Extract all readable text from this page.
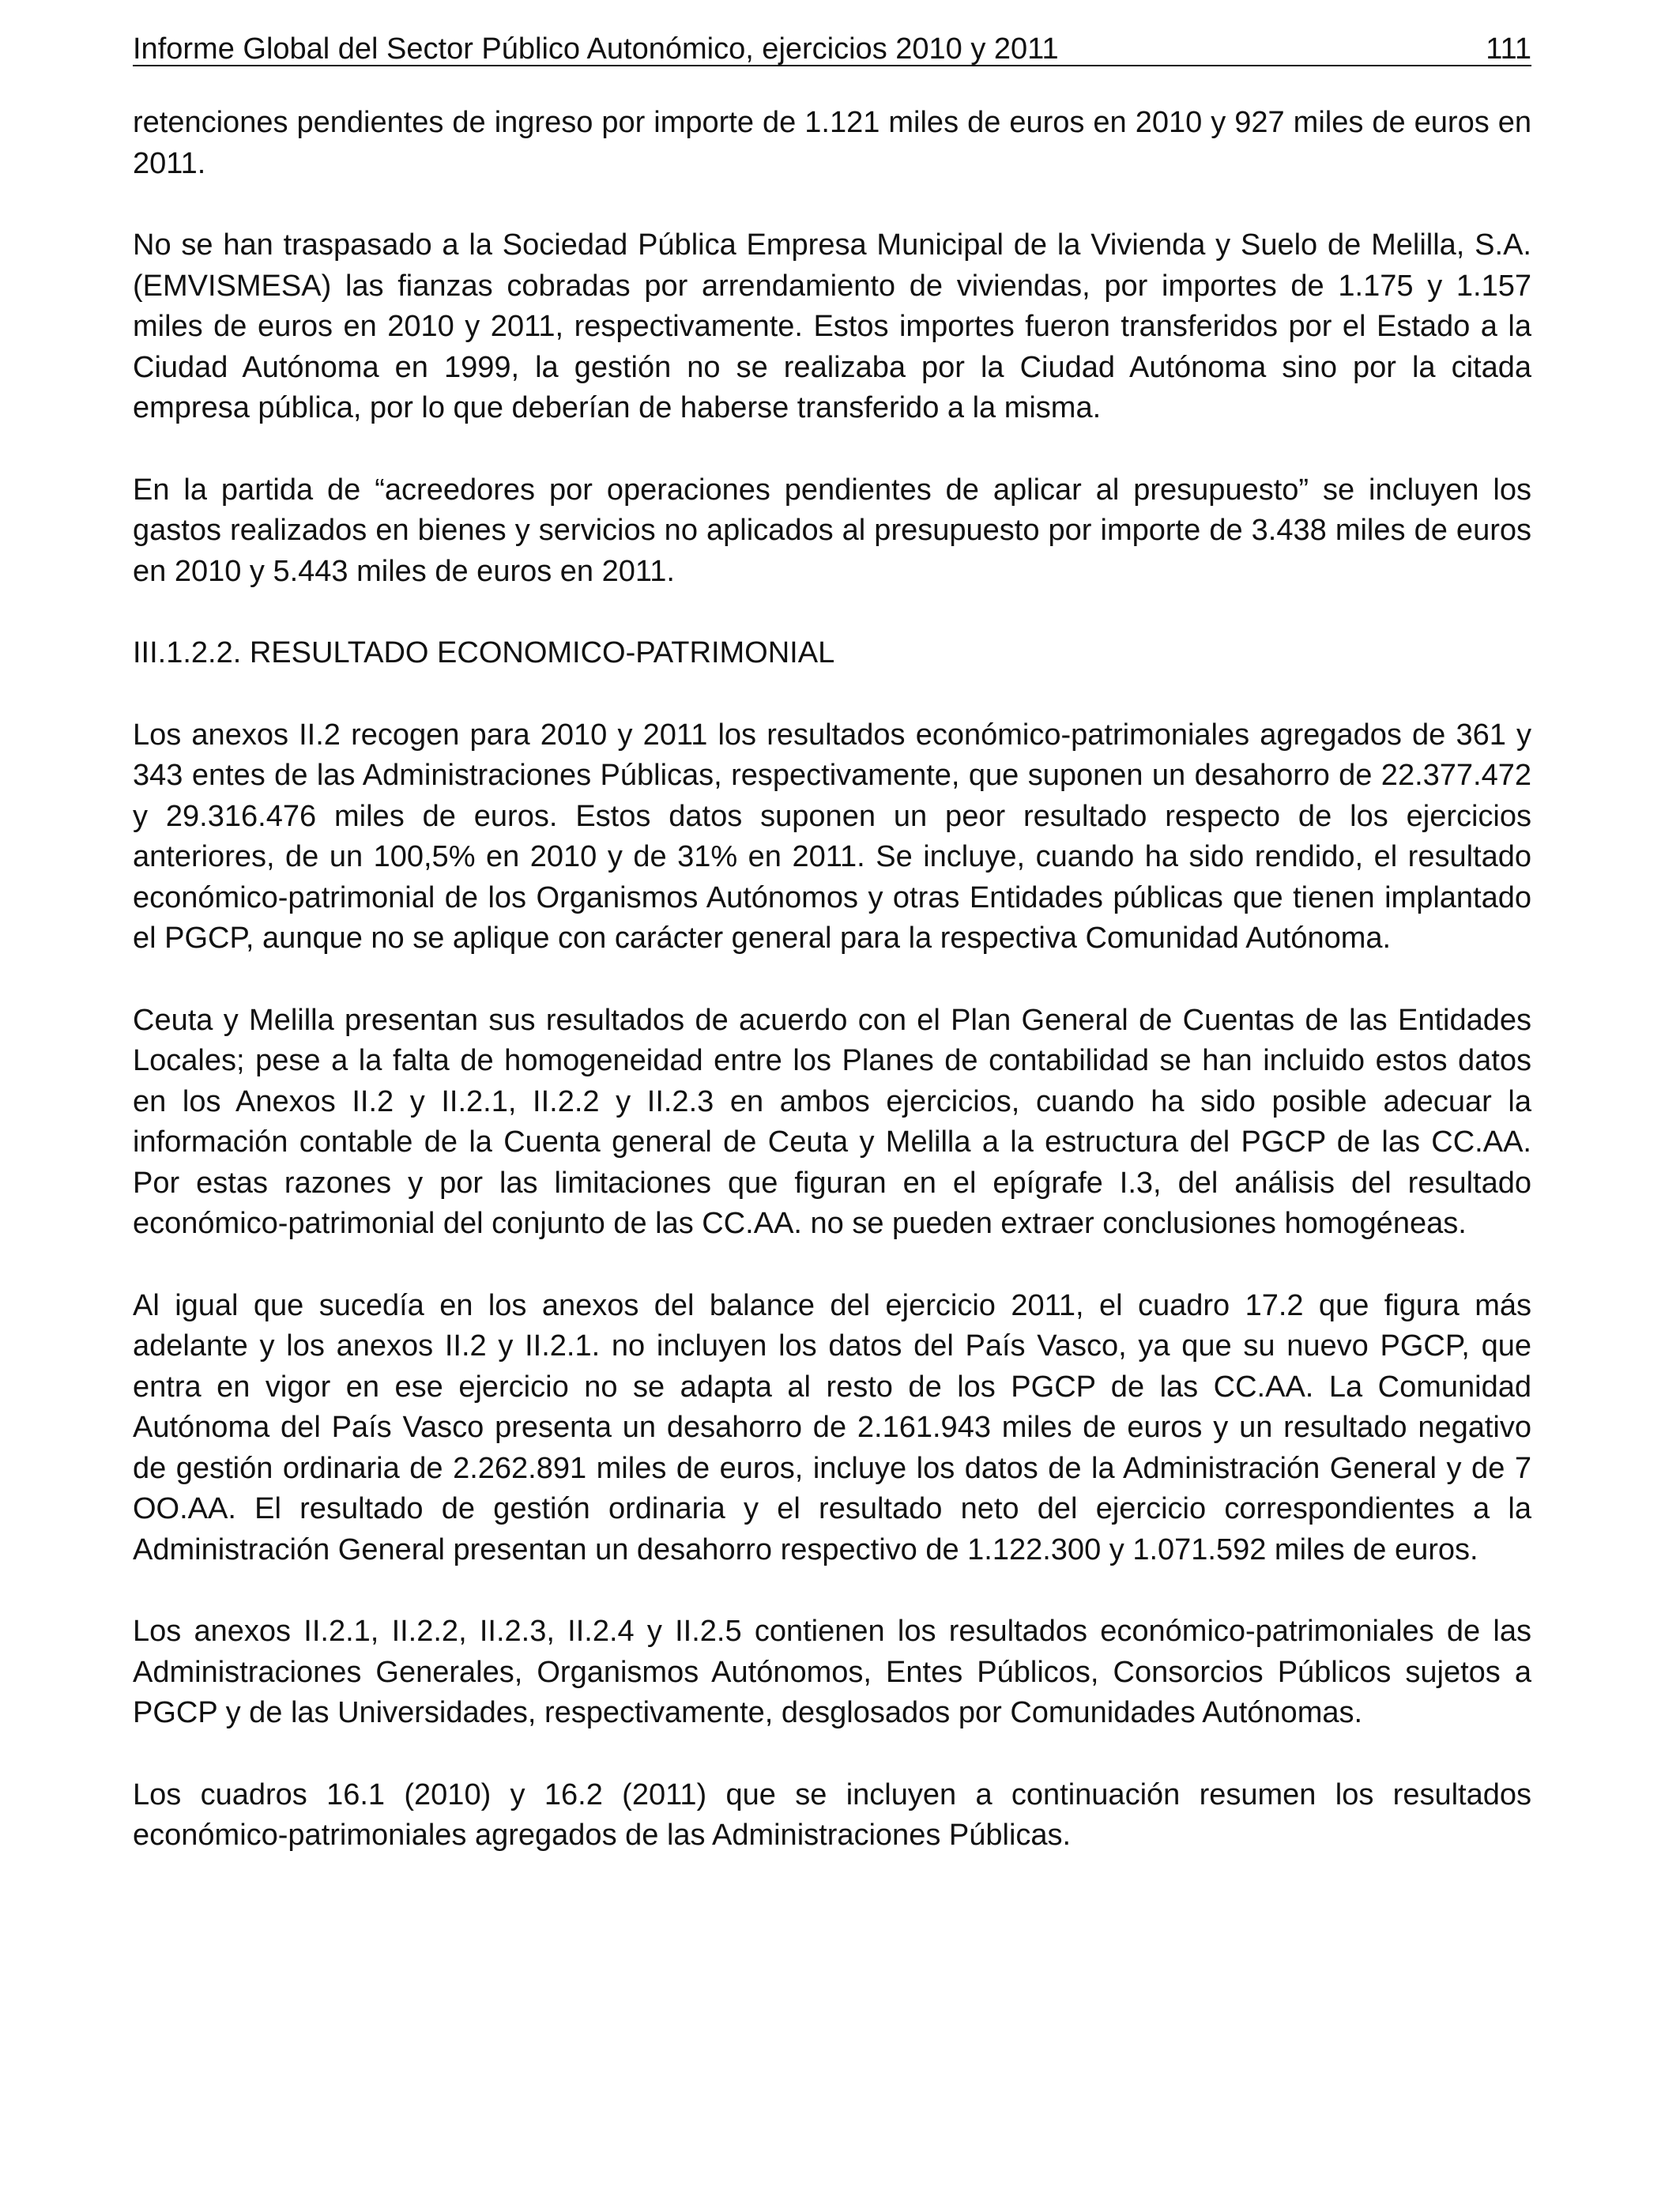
Informe Global del Sector Público Autonómico, ejercicios 2010 y 2011	111

retenciones pendientes de ingreso por importe de 1.121 miles de euros en 2010 y 927 miles de euros en 2011.

No se han traspasado a la Sociedad Pública Empresa Municipal de la Vivienda y Suelo de Melilla, S.A. (EMVISMESA) las fianzas cobradas por arrendamiento de viviendas, por importes de 1.175 y 1.157 miles de euros en 2010 y 2011, respectivamente. Estos importes fueron transferidos por el Estado a la Ciudad Autónoma en 1999, la gestión no se realizaba por la Ciudad Autónoma sino por la citada empresa pública, por lo que deberían de haberse transferido a la misma.

En la partida de “acreedores por operaciones pendientes de aplicar al presupuesto” se incluyen los gastos realizados en bienes y servicios no aplicados al presupuesto por importe de 3.438 miles de euros en 2010 y 5.443 miles de euros en 2011.

III.1.2.2. RESULTADO ECONOMICO-PATRIMONIAL

Los anexos II.2 recogen para 2010 y 2011 los resultados económico-patrimoniales agregados de 361 y 343 entes de las Administraciones Públicas, respectivamente, que suponen un desahorro de 22.377.472 y 29.316.476 miles de euros. Estos datos suponen un peor resultado respecto de los ejercicios anteriores, de un 100,5% en 2010 y de 31% en 2011. Se incluye, cuando ha sido rendido, el resultado económico-patrimonial de los Organismos Autónomos y otras Entidades públicas que tienen implantado el PGCP, aunque no se aplique con carácter general para la respectiva Comunidad Autónoma.

Ceuta y Melilla presentan sus resultados de acuerdo con el Plan General de Cuentas de las Entidades Locales; pese a la falta de homogeneidad entre los Planes de contabilidad se han incluido estos datos en los Anexos II.2 y II.2.1, II.2.2 y II.2.3 en ambos ejercicios, cuando ha sido posible adecuar la información contable de la Cuenta general de Ceuta y Melilla a la estructura del PGCP de las CC.AA. Por estas razones y por las limitaciones que figuran en el epígrafe I.3, del análisis del resultado económico-patrimonial del conjunto de las CC.AA. no se pueden extraer conclusiones homogéneas.

Al igual que sucedía en los anexos del balance del ejercicio 2011, el cuadro 17.2 que figura más adelante y los anexos II.2 y II.2.1. no incluyen los datos del País Vasco, ya que su nuevo PGCP, que entra en vigor en ese ejercicio no se adapta al resto de los PGCP de las CC.AA. La Comunidad Autónoma del País Vasco presenta un desahorro de 2.161.943 miles de euros y un resultado negativo de gestión ordinaria de 2.262.891 miles de euros, incluye los datos de la Administración General y de 7 OO.AA. El resultado de gestión ordinaria y el resultado neto del ejercicio correspondientes a la Administración General presentan un desahorro respectivo de 1.122.300 y 1.071.592 miles de euros.

Los anexos II.2.1, II.2.2, II.2.3, II.2.4 y II.2.5 contienen los resultados económico-patrimoniales de las Administraciones Generales, Organismos Autónomos, Entes Públicos, Consorcios Públicos sujetos a PGCP y de las Universidades, respectivamente, desglosados por Comunidades Autónomas.

Los cuadros 16.1 (2010) y 16.2 (2011) que se incluyen a continuación resumen los resultados económico-patrimoniales agregados de las Administraciones Públicas.
